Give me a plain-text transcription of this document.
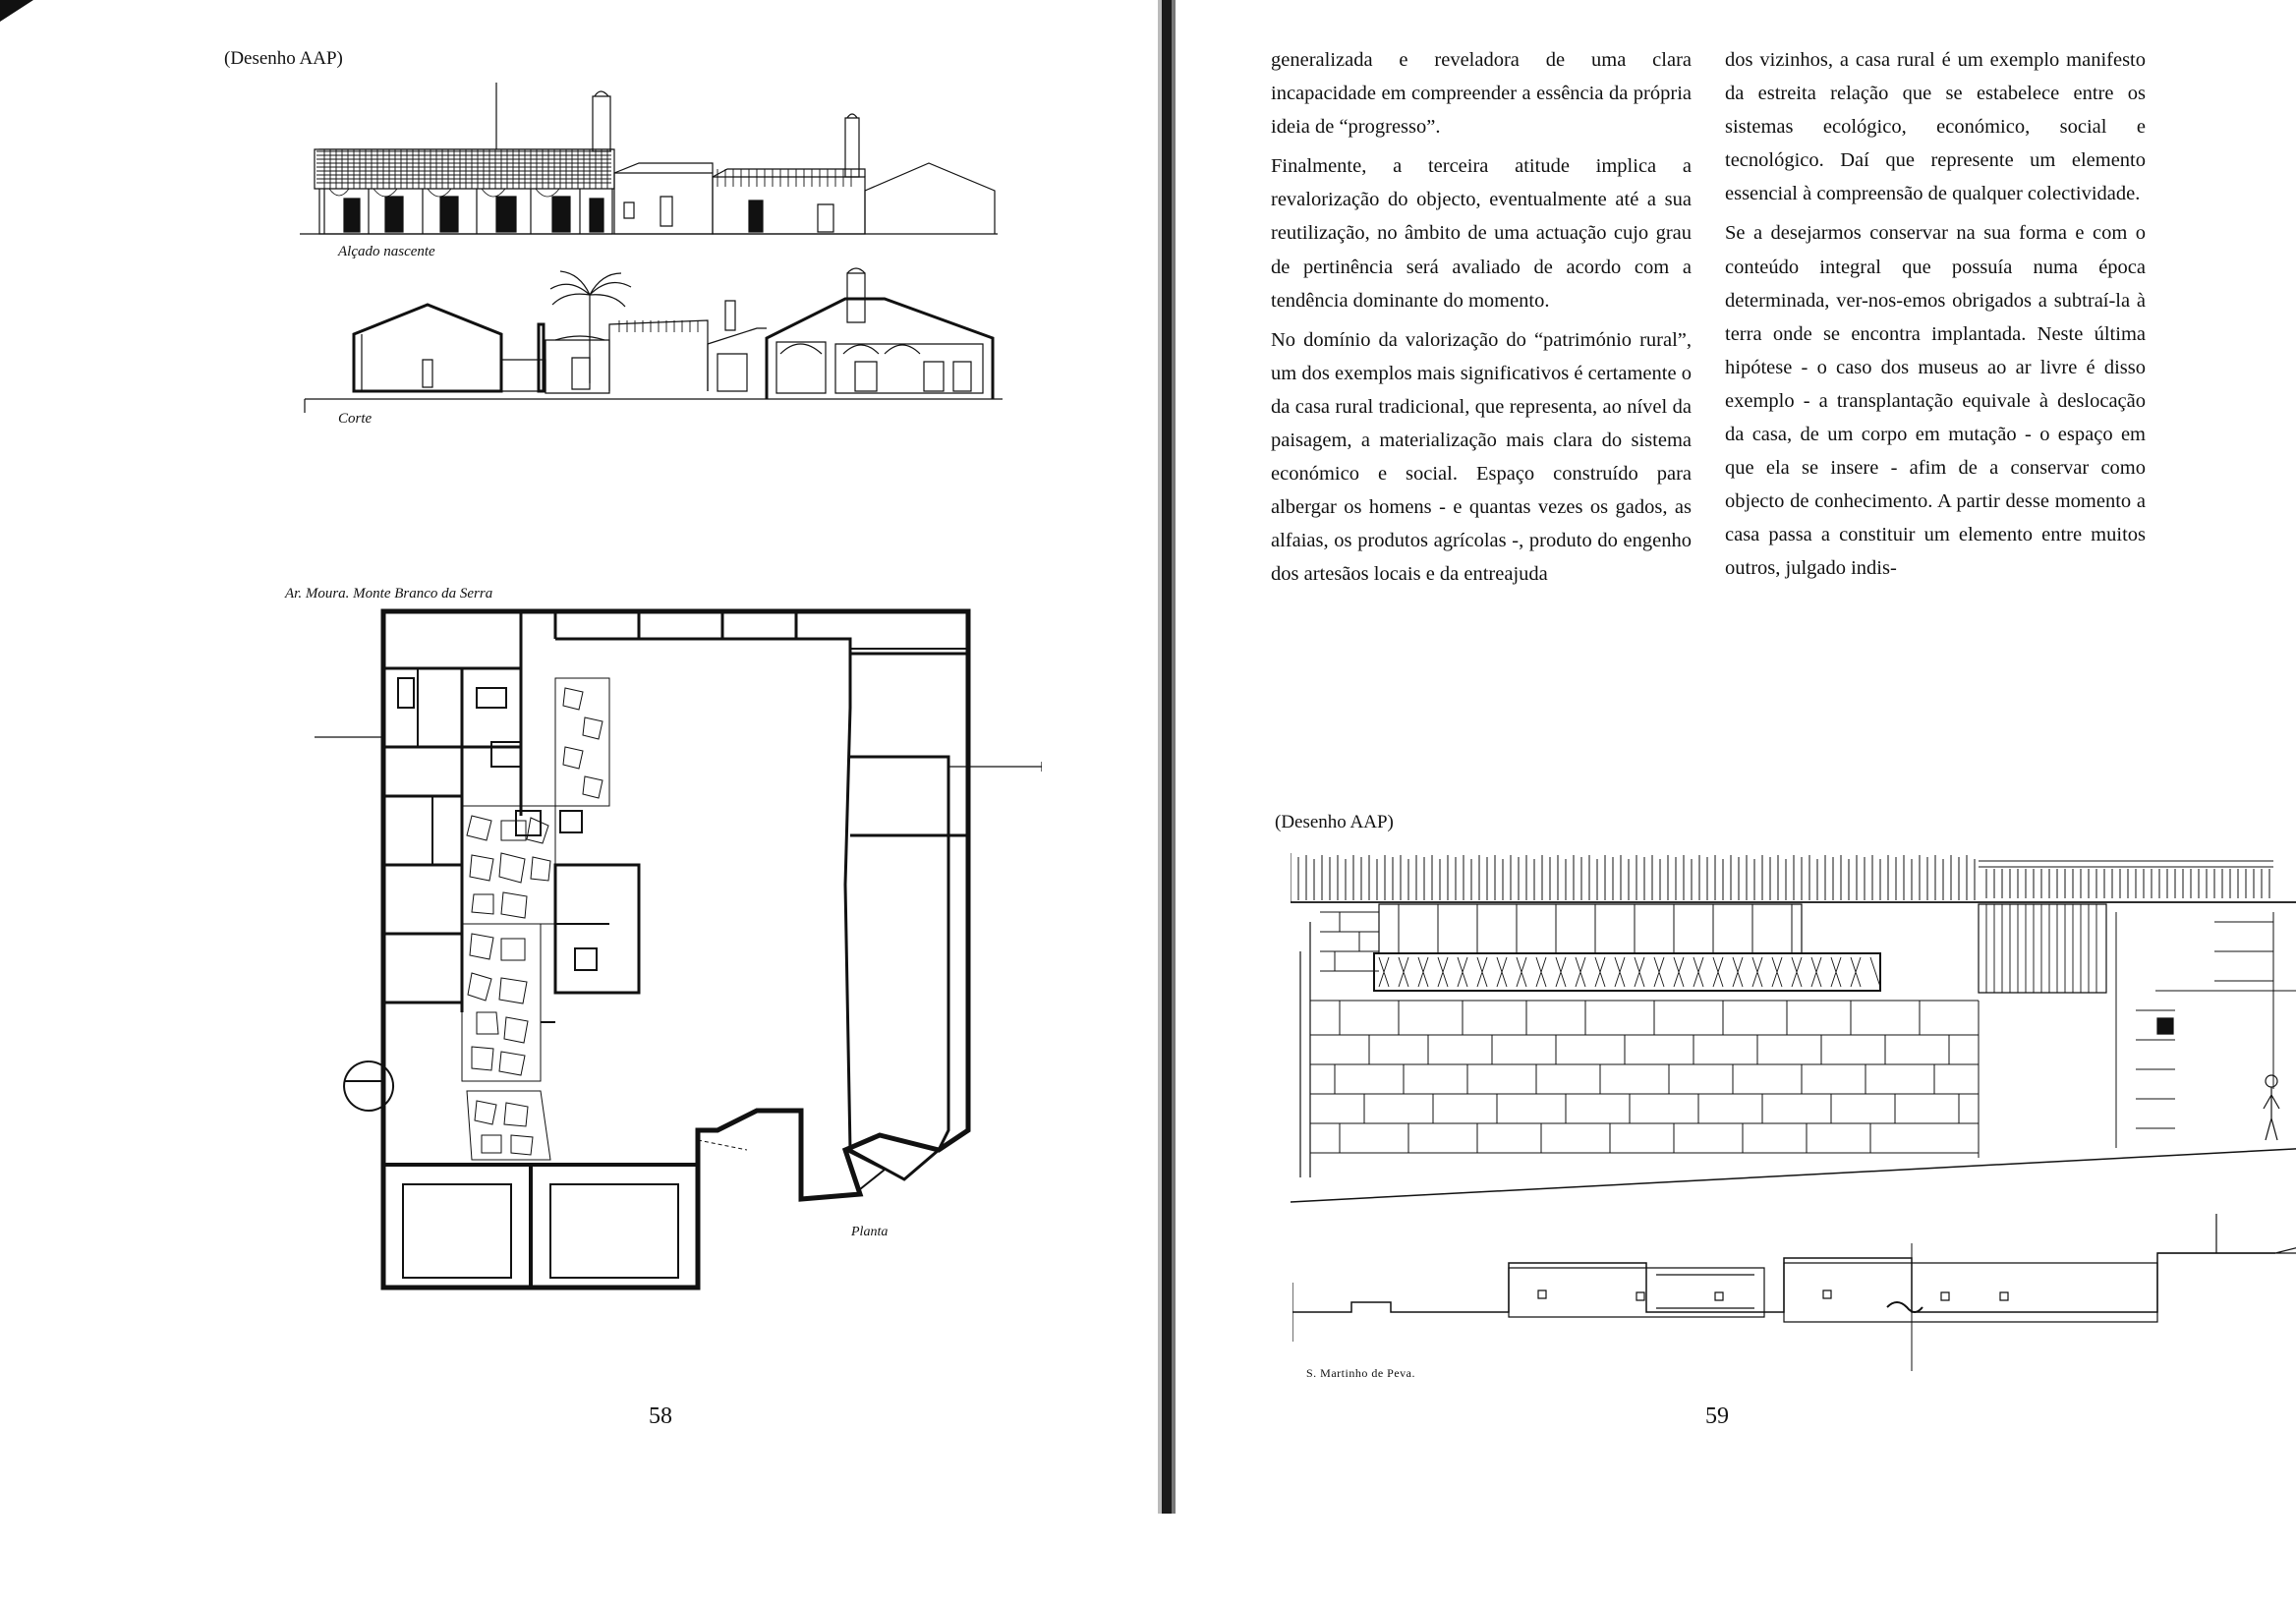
(Desenho AAP)
Alçado nascente
Corte
Ar. Moura. Monte Branco da Serra
Planta
58

generalizada e reveladora de uma clara incapacidade em compreender a essência da própria ideia de “progresso”.

Finalmente, a terceira atitude implica a revalorização do objecto, eventualmente até a sua reutilização, no âmbito de uma actuação cujo grau de pertinência será avaliado de acordo com a tendência dominante do momento.

No domínio da valorização do “património rural”, um dos exemplos mais significativos é certamente o da casa rural tradicional, que representa, ao nível da paisagem, a materialização mais clara do sistema económico e social. Espaço construído para albergar os homens - e quantas vezes os gados, as alfaias, os produtos agrícolas -, produto do engenho dos artesãos locais e da entreajuda

dos vizinhos, a casa rural é um exemplo manifesto da estreita relação que se estabelece entre os sistemas ecológico, económico, social e tecnológico. Daí que represente um elemento essencial à compreensão de qualquer colectividade.

Se a desejarmos conservar na sua forma e com o conteúdo integral que possuía numa época determinada, ver-nos-emos obrigados a subtraí-la à terra onde se encontra implantada. Neste última hipótese - o caso dos museus ao ar livre é disso exemplo - a transplantação equivale à deslocação da casa, de um corpo em mutação - o espaço em que ela se insere - afim de a conservar como objecto de conhecimento. A partir desse momento a casa passa a constituir um elemento entre muitos outros, julgado indis-

(Desenho AAP)
S. Martinho de Peva.
59
